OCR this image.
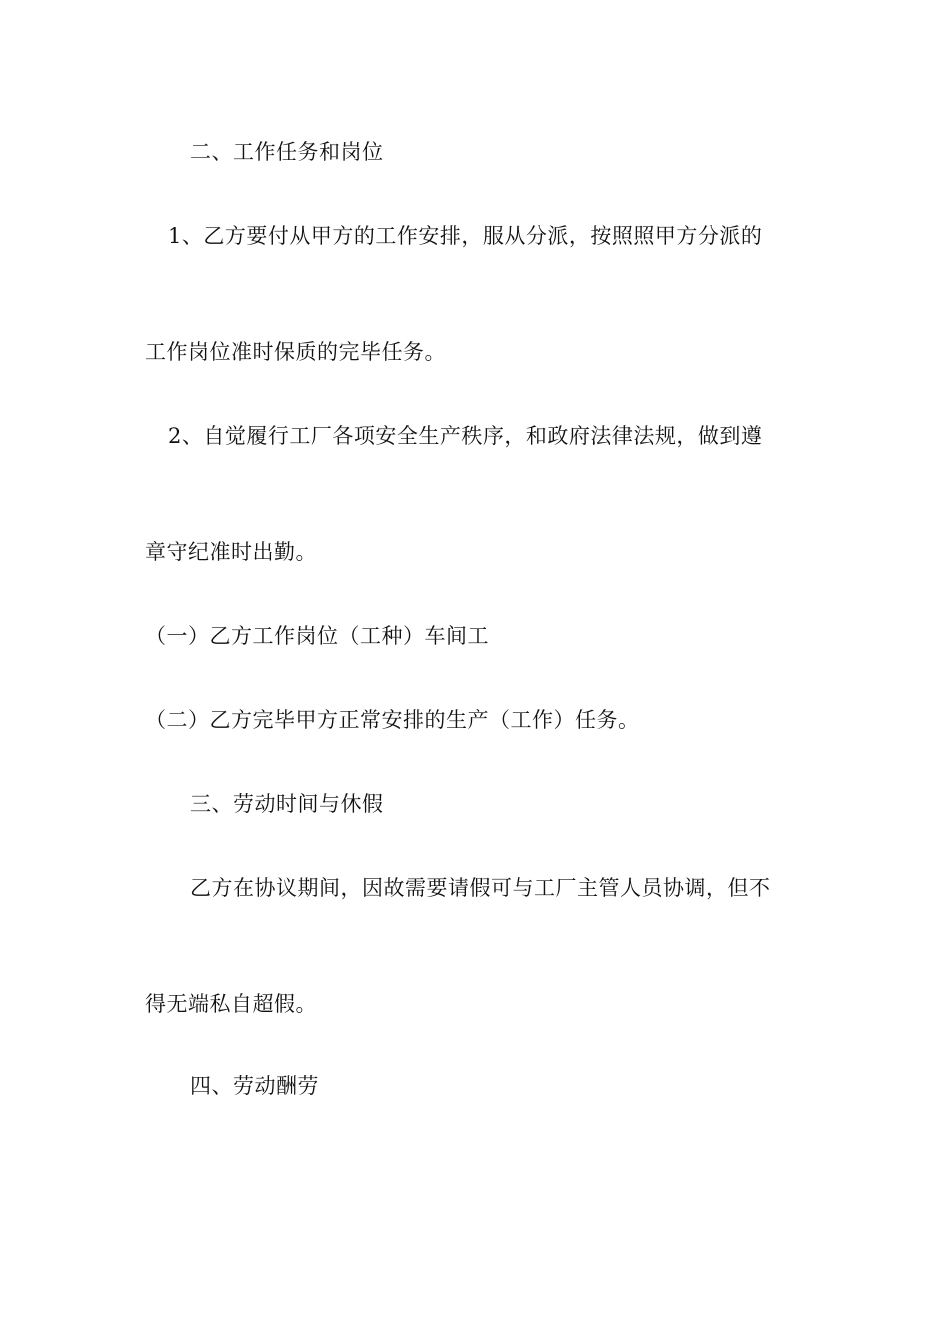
二、工作任务和岗位

1、乙方要付从甲方的工作安排，服从分派，按照照甲方分派的

工作岗位准时保质的完毕任务。

2、自觉履行工厂各项安全生产秩序，和政府法律法规，做到遵

章守纪准时出勤。

（一）乙方工作岗位（工种）车间工

（二）乙方完毕甲方正常安排的生产（工作）任务。

三、劳动时间与休假

乙方在协议期间，因故需要请假可与工厂主管人员协调，但不

得无端私自超假。

四、劳动酬劳
